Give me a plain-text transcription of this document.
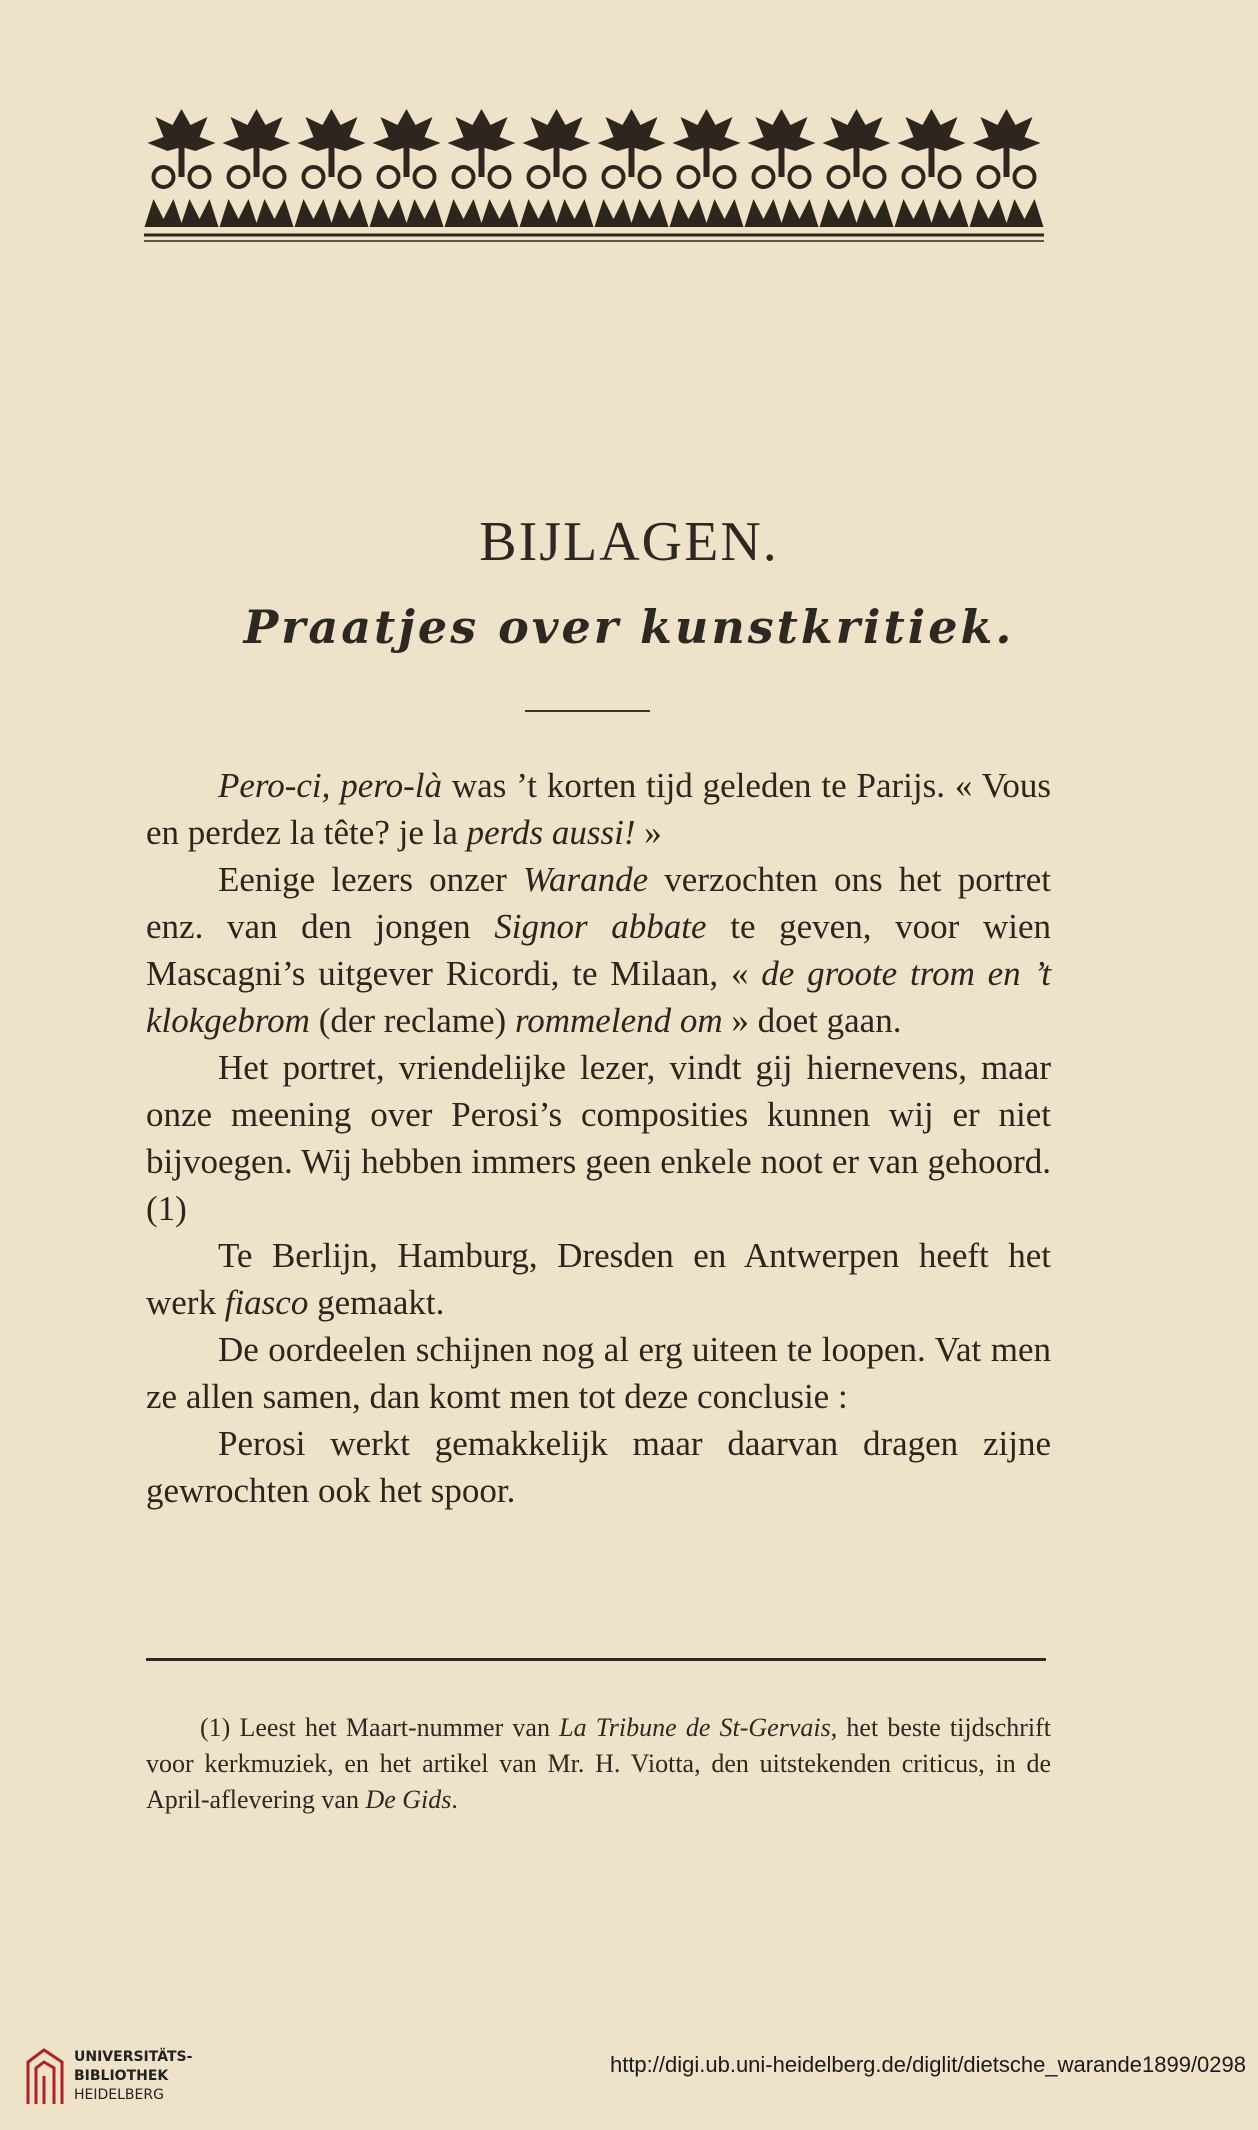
BIJLAGEN.
Praatjes over kunstkritiek.

Pero-ci, pero-là was ’t korten tijd geleden te Parijs. « Vous en perdez la tête? je la perds aussi! »

Eenige lezers onzer Warande verzochten ons het portret enz. van den jongen Signor abbate te geven, voor wien Mascagni’s uitgever Ricordi, te Milaan, « de groote trom en ’t klokgebrom (der reclame) rommelend om » doet gaan.

Het portret, vriendelijke lezer, vindt gij hiernevens, maar onze meening over Perosi’s composities kunnen wij er niet bijvoegen. Wij hebben immers geen enkele noot er van gehoord. (1)

Te Berlijn, Hamburg, Dresden en Antwerpen heeft het werk fiasco gemaakt.

De oordeelen schijnen nog al erg uiteen te loopen. Vat men ze allen samen, dan komt men tot deze conclusie :

Perosi werkt gemakkelijk maar daarvan dragen zijne gewrochten ook het spoor.

(1) Leest het Maart-nummer van La Tribune de St-Gervais, het beste tijdschrift voor kerkmuziek, en het artikel van Mr. H. Viotta, den uitstekenden criticus, in de April-aflevering van De Gids.
UNIVERSITÄTS-
BIBLIOTHEK
HEIDELBERG
http://digi.ub.uni-heidelberg.de/diglit/dietsche_warande1899/0298
